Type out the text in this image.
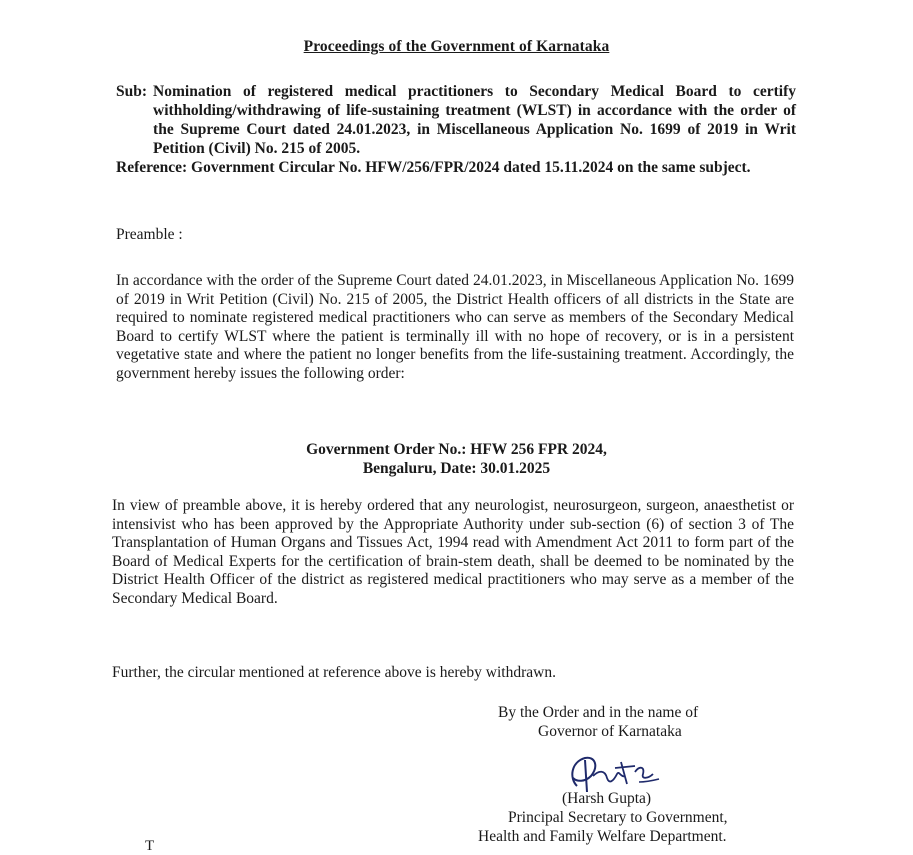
Proceedings of the Government of Karnataka
Sub: Nomination of registered medical practitioners to Secondary Medical Board to certify withholding/withdrawing of life-sustaining treatment (WLST) in accordance with the order of the Supreme Court dated 24.01.2023, in Miscellaneous Application No. 1699 of 2019 in Writ Petition (Civil) No. 215 of 2005.
Reference: Government Circular No. HFW/256/FPR/2024 dated 15.11.2024 on the same subject.
Preamble :
In accordance with the order of the Supreme Court dated 24.01.2023, in Miscellaneous Application No. 1699 of 2019 in Writ Petition (Civil) No. 215 of 2005, the District Health officers of all districts in the State are required to nominate registered medical practitioners who can serve as members of the Secondary Medical Board to certify WLST where the patient is terminally ill with no hope of recovery, or is in a persistent vegetative state and where the patient no longer benefits from the life-sustaining treatment. Accordingly, the government hereby issues the following order:
Government Order No.: HFW 256 FPR 2024,
Bengaluru, Date: 30.01.2025
In view of preamble above, it is hereby ordered that any neurologist, neurosurgeon, surgeon, anaesthetist or intensivist who has been approved by the Appropriate Authority under sub-section (6) of section 3 of The Transplantation of Human Organs and Tissues Act, 1994 read with Amendment Act 2011 to form part of the Board of Medical Experts for the certification of brain-stem death, shall be deemed to be nominated by the District Health Officer of the district as registered medical practitioners who may serve as a member of the Secondary Medical Board.
Further, the circular mentioned at reference above is hereby withdrawn.
By the Order and in the name of
Governor of Karnataka
(Harsh Gupta)
Principal Secretary to Government,
Health and Family Welfare Department.
T
